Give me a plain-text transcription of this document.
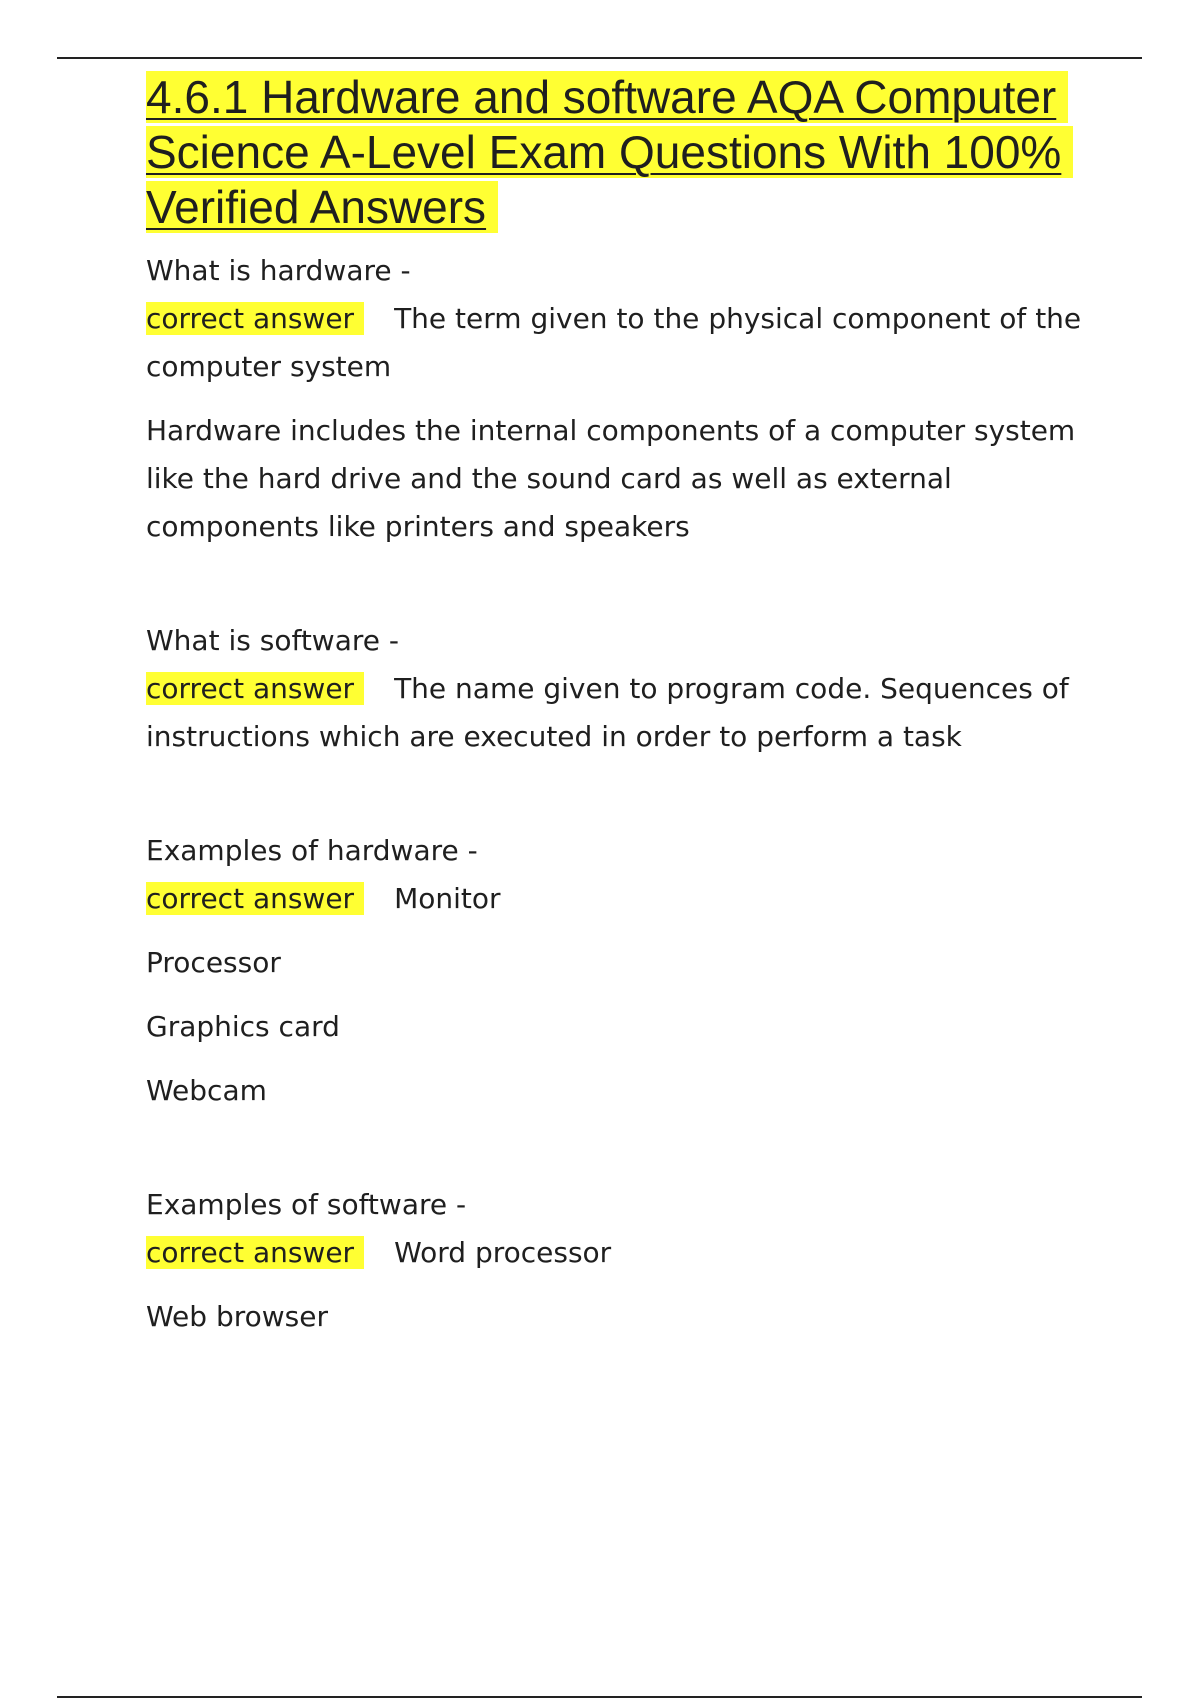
4.6.1 Hardware and software AQA Computer Science A-Level Exam Questions With 100% Verified Answers

What is hardware -

correct answer The term given to the physical component of the computer system

Hardware includes the internal components of a computer system like the hard drive and the sound card as well as external components like printers and speakers

What is software -

correct answer The name given to program code. Sequences of instructions which are executed in order to perform a task

Examples of hardware -

correct answer Monitor

Processor

Graphics card

Webcam

Examples of software -

correct answer Word processor

Web browser
